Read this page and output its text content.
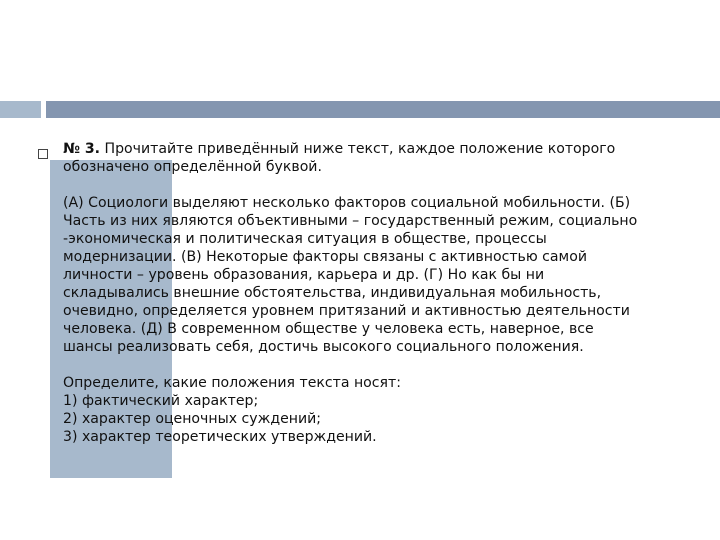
№ 3. Прочитайте приведённый ниже текст, каждое положение которого

обозначено определённой буквой.

(А) Социологи выделяют несколько факторов социальной мобильности. (Б)

Часть из них являются объективными – государственный режим, социально

-экономическая и политическая ситуация в обществе, процессы

модернизации. (В) Некоторые факторы связаны с активностью самой

личности – уровень образования, карьера и др. (Г) Но как бы ни

складывались внешние обстоятельства, индивидуальная мобильность,

очевидно, определяется уровнем притязаний и активностью деятельности

человека. (Д) В современном обществе у человека есть, наверное, все

шансы реализовать себя, достичь высокого социального положения.

Определите, какие положения текста носят:

1) фактический характер;

2) характер оценочных суждений;

3) характер теоретических утверждений.
